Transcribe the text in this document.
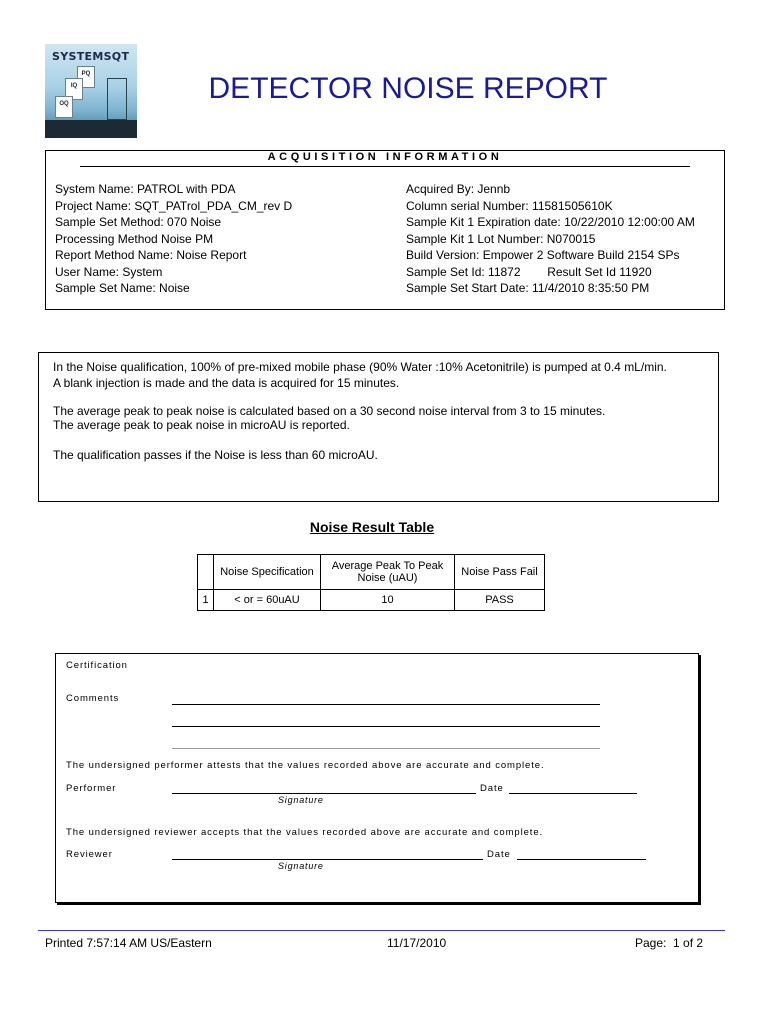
SYSTEMSQT
PQ
IQ
OQ	DETECTOR NOISE REPORT
ACQUISITION INFORMATION
System Name: PATROL with PDA
Project Name: SQT_PATrol_PDA_CM_rev D
Sample Set Method: 070 Noise
Processing Method Noise PM
Report Method Name: Noise Report
User Name: System
Sample Set Name: Noise
Acquired By: Jennb
Column serial Number: 11581505610K
Sample Kit 1 Expiration date: 10/22/2010 12:00:00 AM
Sample Kit 1 Lot Number: N070015
Build Version: Empower 2 Software Build 2154 SPs
Sample Set Id: 11872        Result Set Id 11920
Sample Set Start Date: 11/4/2010 8:35:50 PM
In the Noise qualification, 100% of pre-mixed mobile phase (90% Water :10% Acetonitrile) is pumped at 0.4 mL/min.
A blank injection is made and the data is acquired for 15 minutes.
The average peak to peak noise is calculated based on a 30 second noise interval from 3 to 15 minutes.
The average peak to peak noise in microAU is reported.
The qualification passes if the Noise is less than 60 microAU.
Noise Result Table
	Noise Specification	Average Peak To Peak Noise (uAU)	Noise Pass Fail
1	< or = 60uAU	10	PASS
Certification
Comments
The undersigned performer attests that the values recorded above are accurate and complete.
Performer
Signature
Date
The undersigned reviewer accepts that the values recorded above are accurate and complete.
Reviewer
Signature
Date
Printed 7:57:14 AM US/Eastern	11/17/2010	Page:  1 of 2
